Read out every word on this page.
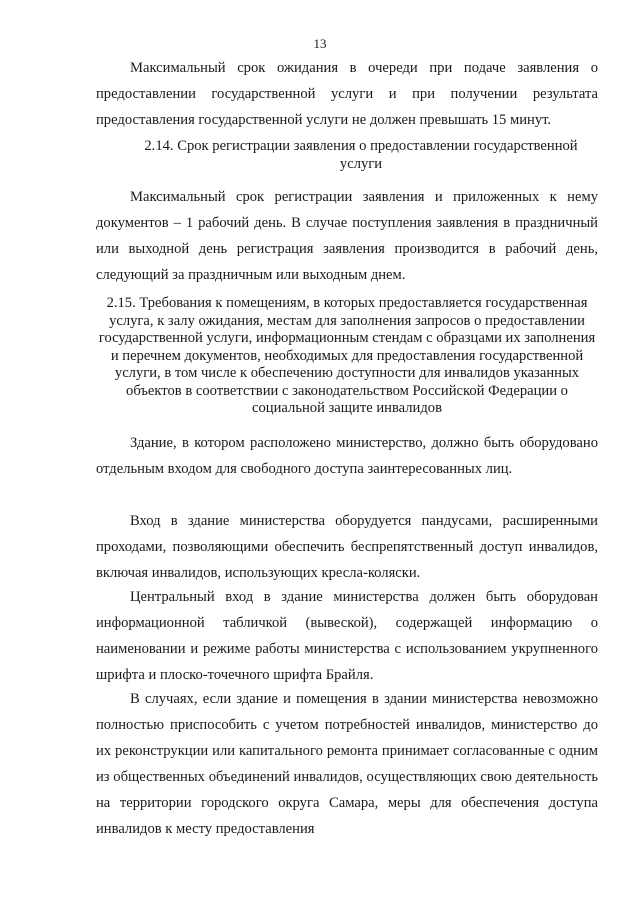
13

Максимальный срок ожидания в очереди при подаче заявления о предоставлении государственной услуги и при получении результата предоставления государственной услуги не должен превышать 15 минут.

2.14. Срок регистрации заявления о предоставлении государственной услуги

Максимальный срок регистрации заявления и приложенных к нему документов – 1 рабочий день. В случае поступления заявления в праздничный или выходной день регистрация заявления производится в рабочий день, следующий за праздничным или выходным днем.

2.15. Требования к помещениям, в которых предоставляется государственная услуга, к залу ожидания, местам для заполнения запросов о предоставлении государственной услуги, информационным стендам с образцами их заполнения и перечнем документов, необходимых для предоставления государственной услуги, в том числе к обеспечению доступности для инвалидов указанных объектов в соответствии с законодательством Российской Федерации о социальной защите инвалидов

Здание, в котором расположено министерство, должно быть оборудовано отдельным входом для свободного доступа заинтересованных лиц.

Вход в здание министерства оборудуется пандусами, расширенными проходами, позволяющими обеспечить беспрепятственный доступ инвалидов, включая инвалидов, использующих кресла-коляски.

Центральный вход в здание министерства должен быть оборудован информационной табличкой (вывеской), содержащей информацию о наименовании и режиме работы министерства с использованием укрупненного шрифта и плоско-точечного шрифта Брайля.

В случаях, если здание и помещения в здании министерства невозможно полностью приспособить с учетом потребностей инвалидов, министерство до их реконструкции или капитального ремонта принимает согласованные с одним из общественных объединений инвалидов, осуществляющих свою деятельность на территории городского округа Самара, меры для обеспечения доступа инвалидов к месту предоставления
